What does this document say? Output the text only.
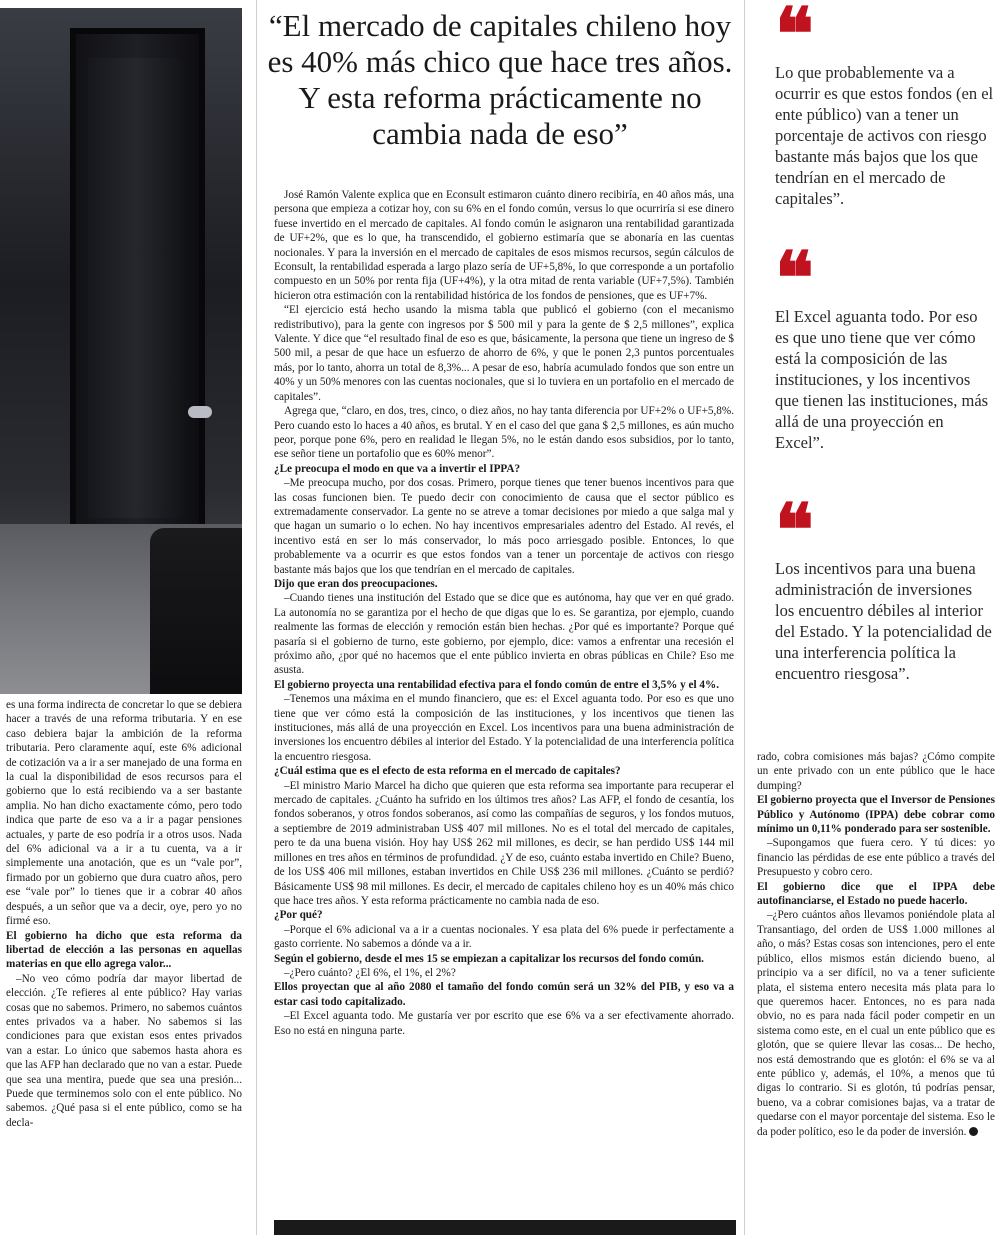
“El mercado de capitales chileno hoy es 40% más chico que hace tres años. Y esta reforma prácticamente no cambia nada de eso”

José Ramón Valente explica que en Econsult estimaron cuánto dinero recibiría, en 40 años más, una persona que empieza a cotizar hoy, con su 6% en el fondo común, versus lo que ocurriría si ese dinero fuese invertido en el mercado de capitales. Al fondo común le asignaron una rentabilidad garantizada de UF+2%, que es lo que, ha transcendido, el gobierno estimaría que se abonaría en las cuentas nocionales. Y para la inversión en el mercado de capitales de esos mismos recursos, según cálculos de Econsult, la rentabilidad esperada a largo plazo sería de UF+5,8%, lo que corresponde a un portafolio compuesto en un 50% por renta fija (UF+4%), y la otra mitad de renta variable (UF+7,5%). También hicieron otra estimación con la rentabilidad histórica de los fondos de pensiones, que es UF+7%.

“El ejercicio está hecho usando la misma tabla que publicó el gobierno (con el mecanismo redistributivo), para la gente con ingresos por $ 500 mil y para la gente de $ 2,5 millones”, explica Valente. Y dice que “el resultado final de eso es que, básicamente, la persona que tiene un ingreso de $ 500 mil, a pesar de que hace un esfuerzo de ahorro de 6%, y que le ponen 2,3 puntos porcentuales más, por lo tanto, ahorra un total de 8,3%... A pesar de eso, habría acumulado fondos que son entre un 40% y un 50% menores con las cuentas nocionales, que si lo tuviera en un portafolio en el mercado de capitales”.

Agrega que, “claro, en dos, tres, cinco, o diez años, no hay tanta diferencia por UF+2% o UF+5,8%. Pero cuando esto lo haces a 40 años, es brutal. Y en el caso del que gana $ 2,5 millones, es aún mucho peor, porque pone 6%, pero en realidad le llegan 5%, no le están dando esos subsidios, por lo tanto, ese señor tiene un portafolio que es 60% menor”.

¿Le preocupa el modo en que va a invertir el IPPA?

–Me preocupa mucho, por dos cosas. Primero, porque tienes que tener buenos incentivos para que las cosas funcionen bien. Te puedo decir con conocimiento de causa que el sector público es extremadamente conservador. La gente no se atreve a tomar decisiones por miedo a que salga mal y que hagan un sumario o lo echen. No hay incentivos empresariales adentro del Estado. Al revés, el incentivo está en ser lo más conservador, lo más poco arriesgado posible. Entonces, lo que probablemente va a ocurrir es que estos fondos van a tener un porcentaje de activos con riesgo bastante más bajos que los que tendrían en el mercado de capitales.

Dijo que eran dos preocupaciones.

–Cuando tienes una institución del Estado que se dice que es autónoma, hay que ver en qué grado. La autonomía no se garantiza por el hecho de que digas que lo es. Se garantiza, por ejemplo, cuando realmente las formas de elección y remoción están bien hechas. ¿Por qué es importante? Porque qué pasaría si el gobierno de turno, este gobierno, por ejemplo, dice: vamos a enfrentar una recesión el próximo año, ¿por qué no hacemos que el ente público invierta en obras públicas en Chile? Eso me asusta.

El gobierno proyecta una rentabilidad efectiva para el fondo común de entre el 3,5% y el 4%.

–Tenemos una máxima en el mundo financiero, que es: el Excel aguanta todo. Por eso es que uno tiene que ver cómo está la composición de las instituciones, y los incentivos que tienen las instituciones, más allá de una proyección en Excel. Los incentivos para una buena administración de inversiones los encuentro débiles al interior del Estado. Y la potencialidad de una interferencia política la encuentro riesgosa.

¿Cuál estima que es el efecto de esta reforma en el mercado de capitales?

–El ministro Mario Marcel ha dicho que quieren que esta reforma sea importante para recuperar el mercado de capitales. ¿Cuánto ha sufrido en los últimos tres años? Las AFP, el fondo de cesantía, los fondos soberanos, y otros fondos soberanos, así como las compañías de seguros, y los fondos mutuos, a septiembre de 2019 administraban US$ 407 mil millones. No es el total del mercado de capitales, pero te da una buena visión. Hoy hay US$ 262 mil millones, es decir, se han perdido US$ 144 mil millones en tres años en términos de profundidad. ¿Y de eso, cuánto estaba invertido en Chile? Bueno, de los US$ 406 mil millones, estaban invertidos en Chile US$ 236 mil millones. ¿Cuánto se perdió? Básicamente US$ 98 mil millones. Es decir, el mercado de capitales chileno hoy es un 40% más chico que hace tres años. Y esta reforma prácticamente no cambia nada de eso.

¿Por qué?

–Porque el 6% adicional va a ir a cuentas nocionales. Y esa plata del 6% puede ir perfectamente a gasto corriente. No sabemos a dónde va a ir.

Según el gobierno, desde el mes 15 se empiezan a capitalizar los recursos del fondo común.

–¿Pero cuánto? ¿El 6%, el 1%, el 2%?

Ellos proyectan que al año 2080 el tamaño del fondo común será un 32% del PIB, y eso va a estar casi todo capitalizado.

–El Excel aguanta todo. Me gustaría ver por escrito que ese 6% va a ser efectivamente ahorrado. Eso no está en ninguna parte.

es una forma indirecta de concretar lo que se debiera hacer a través de una reforma tributaria. Y en ese caso debiera bajar la ambición de la reforma tributaria. Pero claramente aquí, este 6% adicional de cotización va a ir a ser manejado de una forma en la cual la disponibilidad de esos recursos para el gobierno que lo está recibiendo va a ser bastante amplia. No han dicho exactamente cómo, pero todo indica que parte de eso va a ir a pagar pensiones actuales, y parte de eso podría ir a otros usos. Nada del 6% adicional va a ir a tu cuenta, va a ir simplemente una anotación, que es un “vale por”, firmado por un gobierno que dura cuatro años, pero ese “vale por” lo tienes que ir a cobrar 40 años después, a un señor que va a decir, oye, pero yo no firmé eso.

El gobierno ha dicho que esta reforma da libertad de elección a las personas en aquellas materias en que ello agrega valor...

–No veo cómo podría dar mayor libertad de elección. ¿Te refieres al ente público? Hay varias cosas que no sabemos. Primero, no sabemos cuántos entes privados va a haber. No sabemos si las condiciones para que existan esos entes privados van a estar. Lo único que sabemos hasta ahora es que las AFP han declarado que no van a estar. Puede que sea una mentira, puede que sea una presión... Puede que terminemos solo con el ente público. No sabemos. ¿Qué pasa si el ente público, como se ha decla-

rado, cobra comisiones más bajas? ¿Cómo compite un ente privado con un ente público que le hace dumping?

El gobierno proyecta que el Inversor de Pensiones Público y Autónomo (IPPA) debe cobrar como mínimo un 0,11% ponderado para ser sostenible.

–Supongamos que fuera cero. Y tú dices: yo financio las pérdidas de ese ente público a través del Presupuesto y cobro cero.

El gobierno dice que el IPPA debe autofinanciarse, el Estado no puede hacerlo.

–¿Pero cuántos años llevamos poniéndole plata al Transantiago, del orden de US$ 1.000 millones al año, o más? Estas cosas son intenciones, pero el ente público, ellos mismos están diciendo bueno, al principio va a ser difícil, no va a tener suficiente plata, el sistema entero necesita más plata para lo que queremos hacer. Entonces, no es para nada obvio, no es para nada fácil poder competir en un sistema como este, en el cual un ente público que es glotón, que se quiere llevar las cosas... De hecho, nos está demostrando que es glotón: el 6% se va al ente público y, además, el 10%, a menos que tú digas lo contrario. Si es glotón, tú podrías pensar, bueno, va a cobrar comisiones bajas, va a tratar de quedarse con el mayor porcentaje del sistema. Eso le da poder político, eso le da poder de inversión.

❝
Lo que probablemente va a ocurrir es que estos fondos (en el ente público) van a tener un porcentaje de activos con riesgo bastante más bajos que los que tendrían en el mercado de capitales”.
❝
El Excel aguanta todo. Por eso es que uno tiene que ver cómo está la composición de las instituciones, y los incentivos que tienen las instituciones, más allá de una proyección en Excel”.
❝
Los incentivos para una buena administración de inversiones los encuentro débiles al interior del Estado. Y la potencialidad de una interferencia política la encuentro riesgosa”.
